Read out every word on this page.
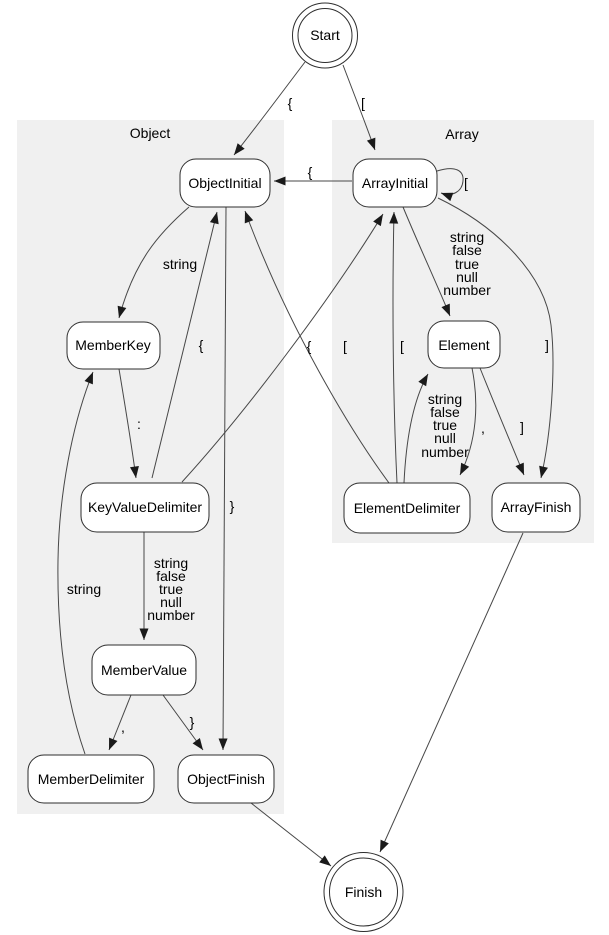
Object	Array
{	[
{
[
string
false
true
null
number
]
,	]
string
false
true
null
number
{	[
string
}
:
string
false
true
null
number
{	[
,	}
string
Start
ObjectInitial
MemberKey
KeyValueDelimiter
MemberValue
MemberDelimiter	ObjectFinish
ArrayInitial
Element
ElementDelimiter	ArrayFinish
Finish
